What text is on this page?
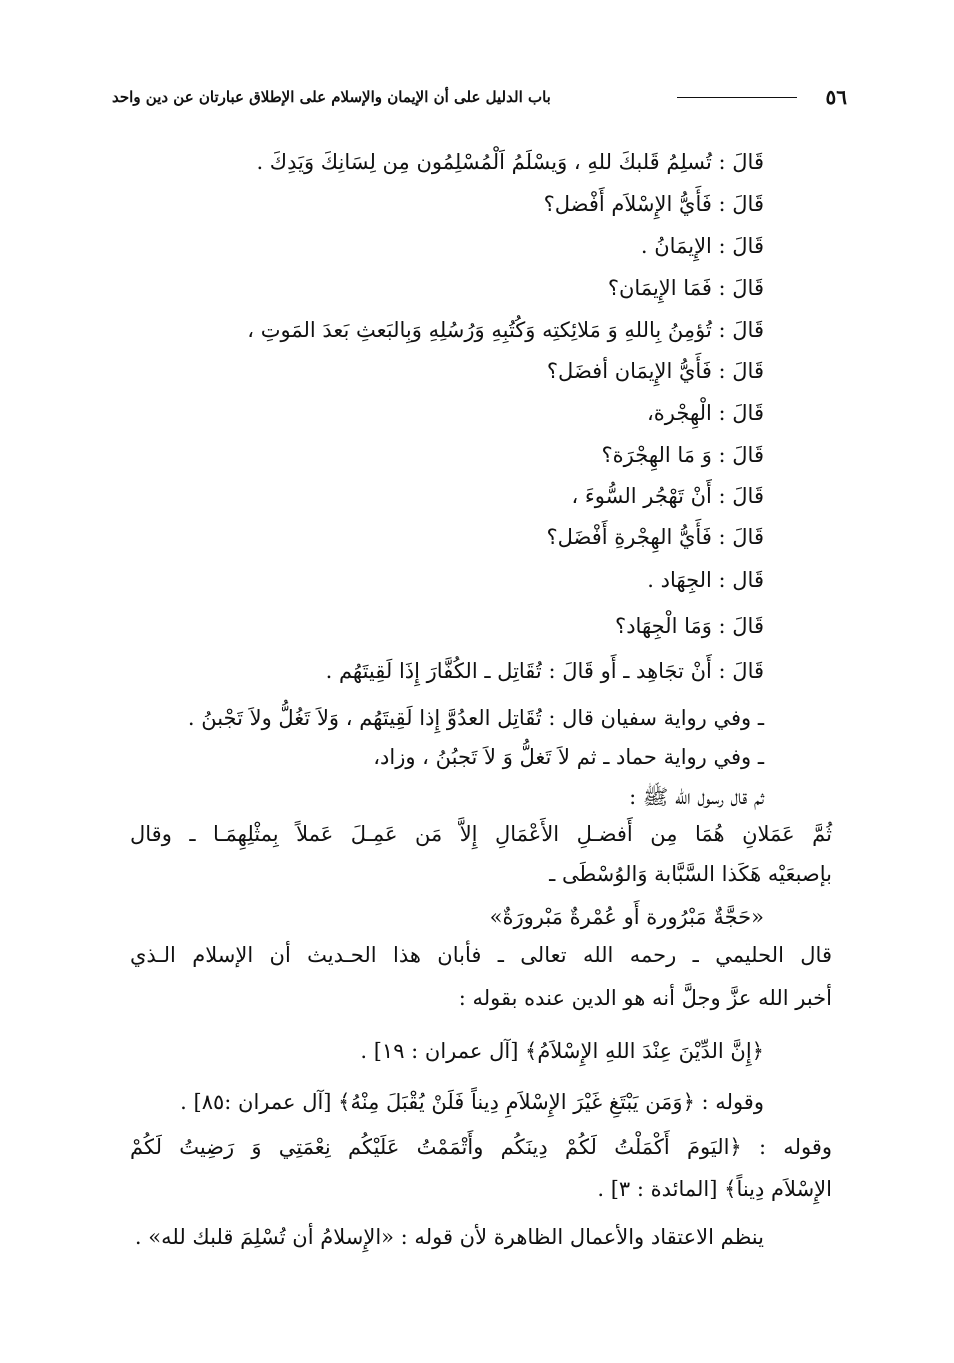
٥٦
باب الدليل على أن الإيمان والإسلام على الإطلاق عبارتان عن دين واحد
قَالَ : تُسلِمُ قَلبكَ للهِ ، وَيسْلَمُ اَلْمُسْلِمُون مِن لِسَانِكَ وَيَدِكَ .
قَالَ : فَأَيُّ الإِسْلاَم أَفْضل؟
قَالَ : الإِيمَانُ .
قَالَ : فَمَا الإِيمَان؟
قَالَ : تُؤمِنُ بِاللهِ وَ مَلائِكتِه وَكُتُبِهِ وَرُسُلِهِ وَبِالبَعثِ بَعدَ المَوتِ ،
قَالَ : فَأَيُّ الإِيمَان أفضَل؟
قَالَ : الْهِجْرة،
قَالَ : وَ مَا الهِجْرَة؟
قَالَ : أَنْ تَهْجُر السُّوءَ ،
قَالَ : فَأَيُّ الهِجْرةِ أَفْضَل؟
قَال : الجِهَاد .
قَالَ : وَمَا الْجِهَاد؟
قَالَ : أَنْ تجَاهِد ـ أَو قَالَ : تُقَاتِل ـ الكُفَّارَ إِذَا لَقِيتَهُم .
ـ وفي رواية سفيان قال : تُقَاتِل العدُوَّ إِذا لَقِيتَهُم ، وَلاَ تَغُلُّ ولاَ تَجْبنُ .
ـ وفي رواية حماد ـ ثم لاَ تَغلُّ وَ لاَ تَجبُنُ ، وزاد،
ثم قال رسول الله ﷺ :
ثُمَّ عَمَلانِ هُمَا مِن أَفضـلِ الأَعْمَالِ إِلاَّ مَن عَمِـلَ عَملاً بِمثْلِهِمَـا ـ وقال
بإصبعَيْه هَكَذا السَّبَّابة وَالوُسْطَى ـ
«حَجَّةٌ مَبْرُورة أَو عُمْرةٌ مَبْرورَةٌ»
قال الحليمي ـ رحمه الله تعالى ـ فأبان هذا الحـديث أن الإسلام الـذي
أخبر الله عزَّ وجلَّ أنه هو الدين عنده بقوله :
﴿إِنَّ الدِّيْنَ عِنْدَ اللهِ الإِسْلاَمُ﴾ [آل عمران : ١٩] .
وقوله : ﴿وَمَن يَبْتَغِ غَيْرَ الإِسْلاَمِ دِيناً فَلَنْ يُقْبَلَ مِنْهُ﴾ [آل عمران :٨٥] .
وقوله : ﴿اليَومَ أَكْمَلْتُ لَكُمْ دِينَكُم وأَتْمَمْتُ عَلَيْكُم نِعْمَتِي وَ رَضِيتُ لَكُمْ
الإِسْلاَم دِيناً﴾ [المائدة : ٣] .
ينظم الاعتقاد والأعمال الظاهرة لأن قوله : «الإِسلامُ أن تُسْلِمَ قلبك لله» .
